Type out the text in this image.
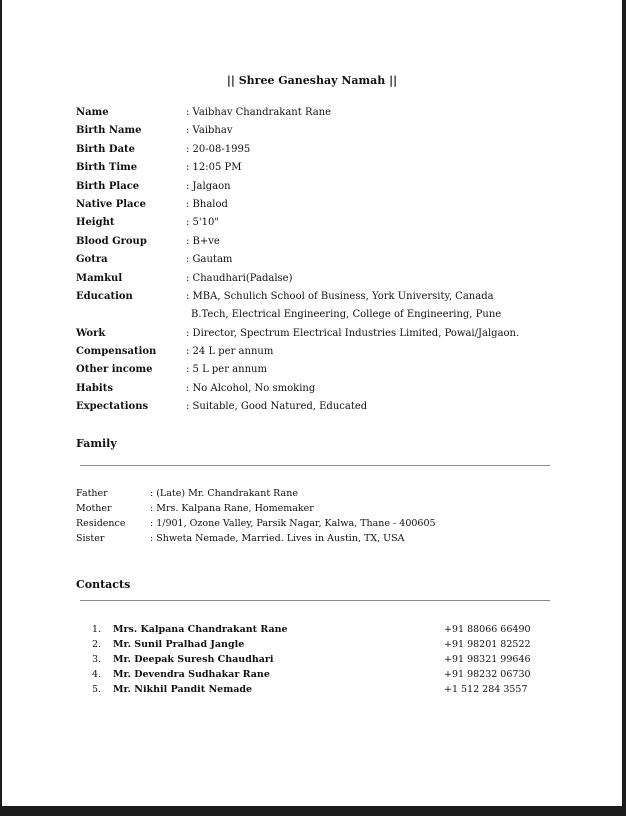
|| Shree Ganeshay Namah ||
Name	: Vaibhav Chandrakant Rane
Birth Name	: Vaibhav
Birth Date	: 20-08-1995
Birth Time	: 12:05 PM
Birth Place	: Jalgaon
Native Place	: Bhalod
Height	: 5'10"
Blood Group	: B+ve
Gotra	: Gautam
Mamkul	: Chaudhari(Padalse)
Education	: MBA, Schulich School of Business, York University, Canada
B.Tech, Electrical Engineering, College of Engineering, Pune
Work	: Director, Spectrum Electrical Industries Limited, Powai/Jalgaon.
Compensation	: 24 L per annum
Other income	: 5 L per annum
Habits	: No Alcohol, No smoking
Expectations	: Suitable, Good Natured, Educated
Family
Father	: (Late) Mr. Chandrakant Rane
Mother	: Mrs. Kalpana Rane, Homemaker
Residence	: 1/901, Ozone Valley, Parsik Nagar, Kalwa, Thane - 400605
Sister	: Shweta Nemade, Married. Lives in Austin, TX, USA
Contacts
1. Mrs. Kalpana Chandrakant Rane	+91 88066 66490
2. Mr. Sunil Pralhad Jangle	+91 98201 82522
3. Mr. Deepak Suresh Chaudhari	+91 98321 99646
4. Mr. Devendra Sudhakar Rane	+91 98232 06730
5. Mr. Nikhil Pandit Nemade	+1 512 284 3557
